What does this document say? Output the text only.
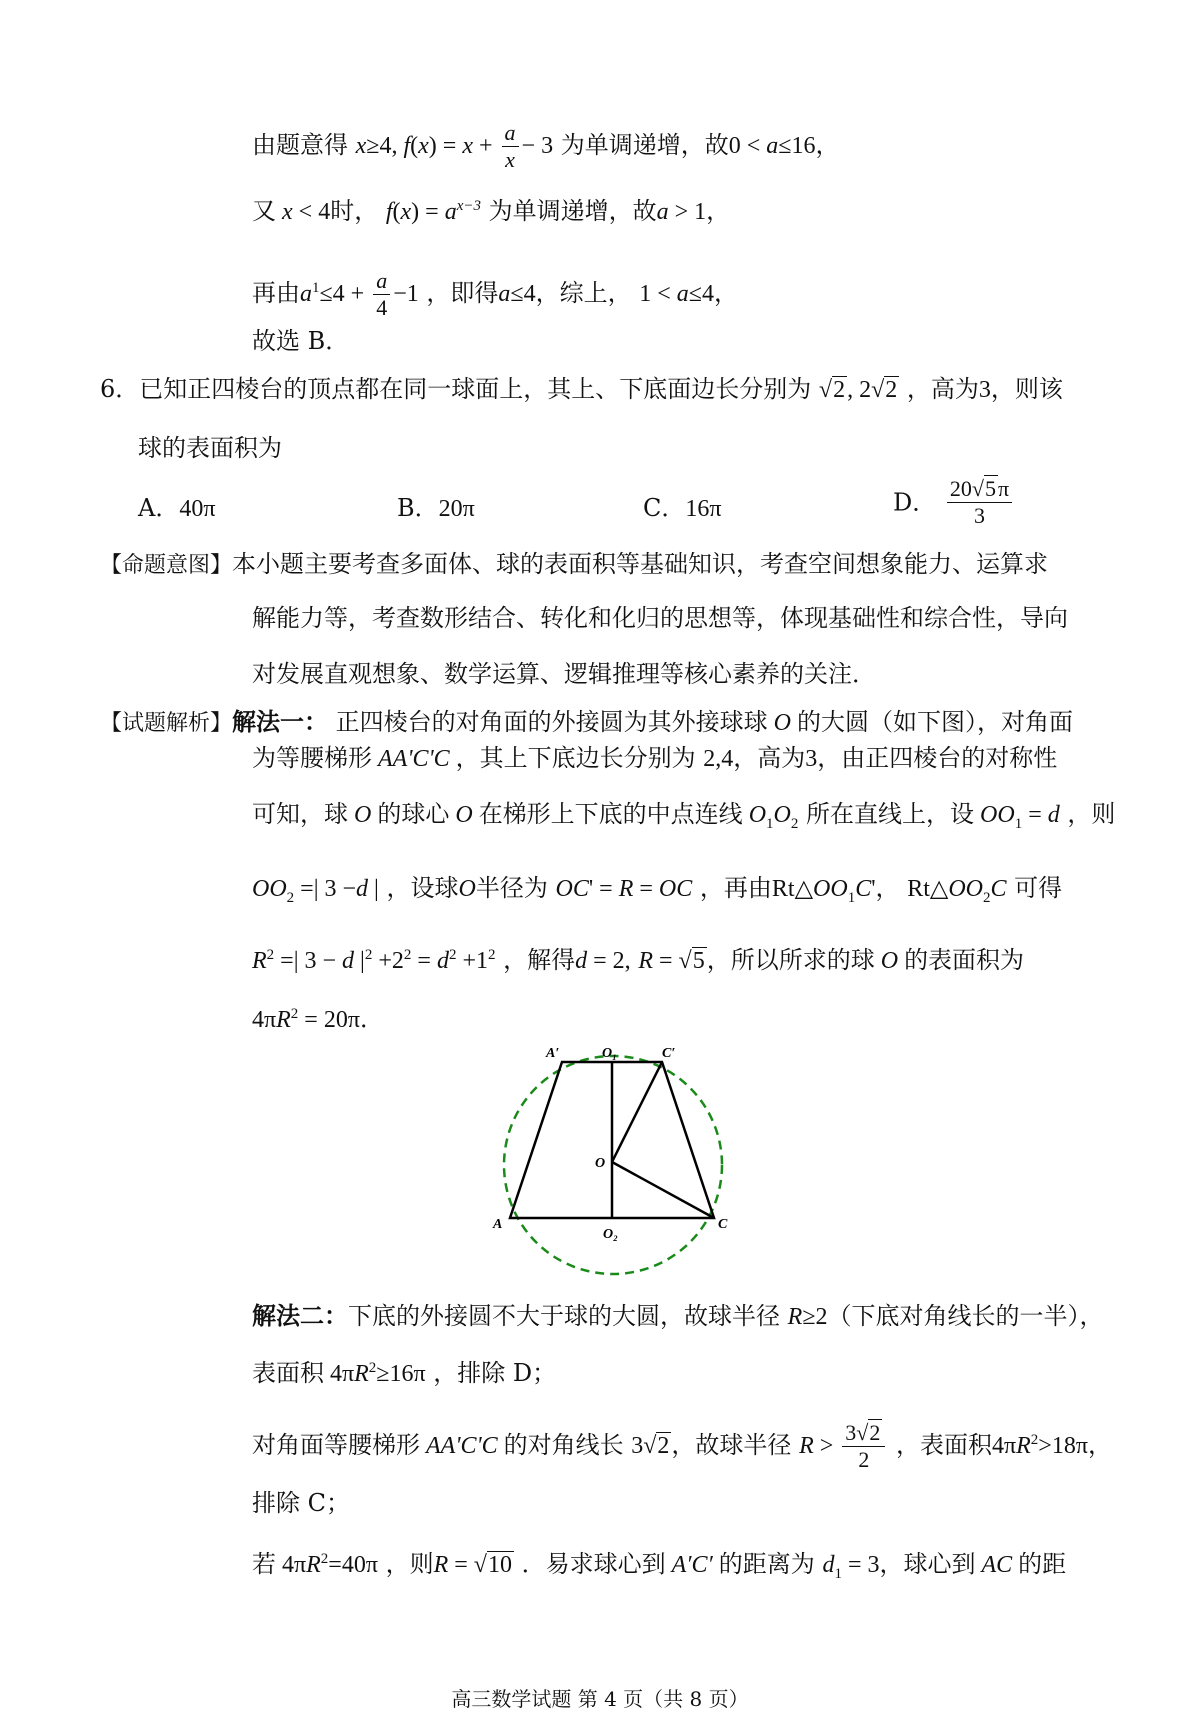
由题意得 x≥4, $f(x) = x + \frac{a}{x} - 3$ 为单调递增，故0 < a≤16，
又 x < 4时， $f(x) = a^{x-3}$ 为单调递增，故a > 1，
再由$a^1\le 4 + \frac{a}{4} -1$ ，即得a≤4，综上， 1 < a≤4，
故选 B．
6．已知正四棱台的顶点都在同一球面上，其上、下底面边长分别为 √2, 2√2 ，高为3，则该
球的表面积为
A．40π	B．20π	C．16π	D． $\frac{20√5\pi}{3}$
【命题意图】本小题主要考查多面体、球的表面积等基础知识，考查空间想象能力、运算求
解能力等，考查数形结合、转化和化归的思想等，体现基础性和综合性，导向
对发展直观想象、数学运算、逻辑推理等核心素养的关注．
【试题解析】解法一： 正四棱台的对角面的外接圆为其外接球球 O 的大圆（如下图），对角面
为等腰梯形 AA'C'C ，其上下底边长分别为 2,4，高为3，由正四棱台的对称性
可知，球 O 的球心 O 在梯形上下底的中点连线 $O_1O_2$ 所在直线上，设 $OO_1 = d$ ，则
$OO_2$ =| 3 −d | ，设球O半径为 OC' = R = OC ，再由$Rt\triangle OO_1C'$， $Rt\triangle OO_2C$ 可得
$R^2$ =| 3 − d $|^2 +2^2 = d^2 +1^2$ ，解得d = 2, R = √5，所以所求的球 O 的表面积为
$4\pi R^2 = 20\pi$．
A′	O₁	C′
O
A
O₂
C
解法二：下底的外接圆不大于球的大圆，故球半径 R≥2（下底对角线长的一半），
表面积 $4\pi R^2\ge 16\pi$ ，排除 D；
对角面等腰梯形 AA'C'C 的对角线长 3√2，故球半径 $R > \frac{3√2}{2}$ ，表面积$4\pi R^2>18\pi$，
排除 C；
若 $4\pi R^2=40\pi$ ，则R = √10 ．易求球心到 A′C′ 的距离为 $d_1 = 3$，球心到 AC 的距
高三数学试题 第 4 页（共 8 页）
